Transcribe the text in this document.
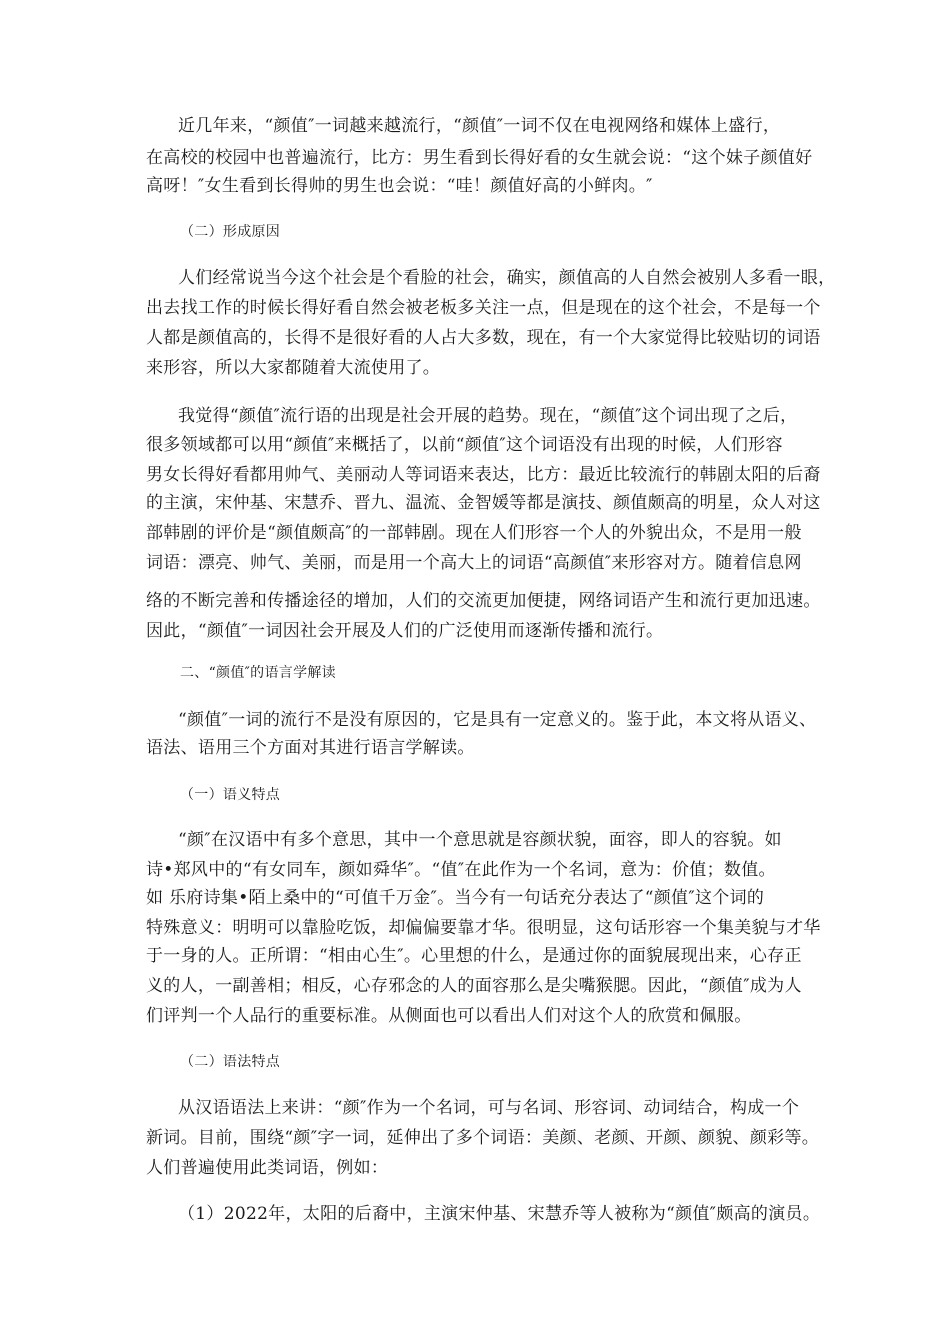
近几年来，“颜值″一词越来越流行，“颜值″一词不仅在电视网络和媒体上盛行，
在高校的校园中也普遍流行，比方：男生看到长得好看的女生就会说：“这个妹子颜值好
高呀！″女生看到长得帅的男生也会说：“哇！颜值好高的小鲜肉。″
（二）形成原因
人们经常说当今这个社会是个看脸的社会，确实，颜值高的人自然会被别人多看一眼，
出去找工作的时候长得好看自然会被老板多关注一点，但是现在的这个社会，不是每一个
人都是颜值高的，长得不是很好看的人占大多数，现在，有一个大家觉得比较贴切的词语
来形容，所以大家都随着大流使用了。
我觉得“颜值″流行语的出现是社会开展的趋势。现在，“颜值″这个词出现了之后，
很多领域都可以用“颜值″来概括了，以前“颜值″这个词语没有出现的时候，人们形容
男女长得好看都用帅气、美丽动人等词语来表达，比方：最近比较流行的韩剧太阳的后裔
的主演，宋仲基、宋慧乔、晋九、温流、金智媛等都是演技、颜值颇高的明星，众人对这
部韩剧的评价是“颜值颇高″的一部韩剧。现在人们形容一个人的外貌出众，不是用一般
词语：漂亮、帅气、美丽，而是用一个高大上的词语“高颜值″来形容对方。随着信息网
络的不断完善和传播途径的增加，人们的交流更加便捷，网络词语产生和流行更加迅速。
因此，“颜值″一词因社会开展及人们的广泛使用而逐渐传播和流行。
二、“颜值″的语言学解读
“颜值″一词的流行不是没有原因的，它是具有一定意义的。鉴于此，本文将从语义、
语法、语用三个方面对其进行语言学解读。
（一）语义特点
“颜″在汉语中有多个意思，其中一个意思就是容颜状貌，面容，即人的容貌。如
诗•郑风中的“有女同车，颜如舜华″。“值″在此作为一个名词，意为：价值；数值。
如 乐府诗集•陌上桑中的“可值千万金″。当今有一句话充分表达了“颜值″这个词的
特殊意义：明明可以靠脸吃饭，却偏偏要靠才华。很明显，这句话形容一个集美貌与才华
于一身的人。正所谓：“相由心生″。心里想的什么，是通过你的面貌展现出来，心存正
义的人，一副善相；相反，心存邪念的人的面容那么是尖嘴猴腮。因此，“颜值″成为人
们评判一个人品行的重要标准。从侧面也可以看出人们对这个人的欣赏和佩服。
（二）语法特点
从汉语语法上来讲：“颜″作为一个名词，可与名词、形容词、动词结合，构成一个
新词。目前，围绕“颜″字一词，延伸出了多个词语：美颜、老颜、开颜、颜貌、颜彩等。
人们普遍使用此类词语，例如：
（1）2022年，太阳的后裔中，主演宋仲基、宋慧乔等人被称为“颜值″颇高的演员。
